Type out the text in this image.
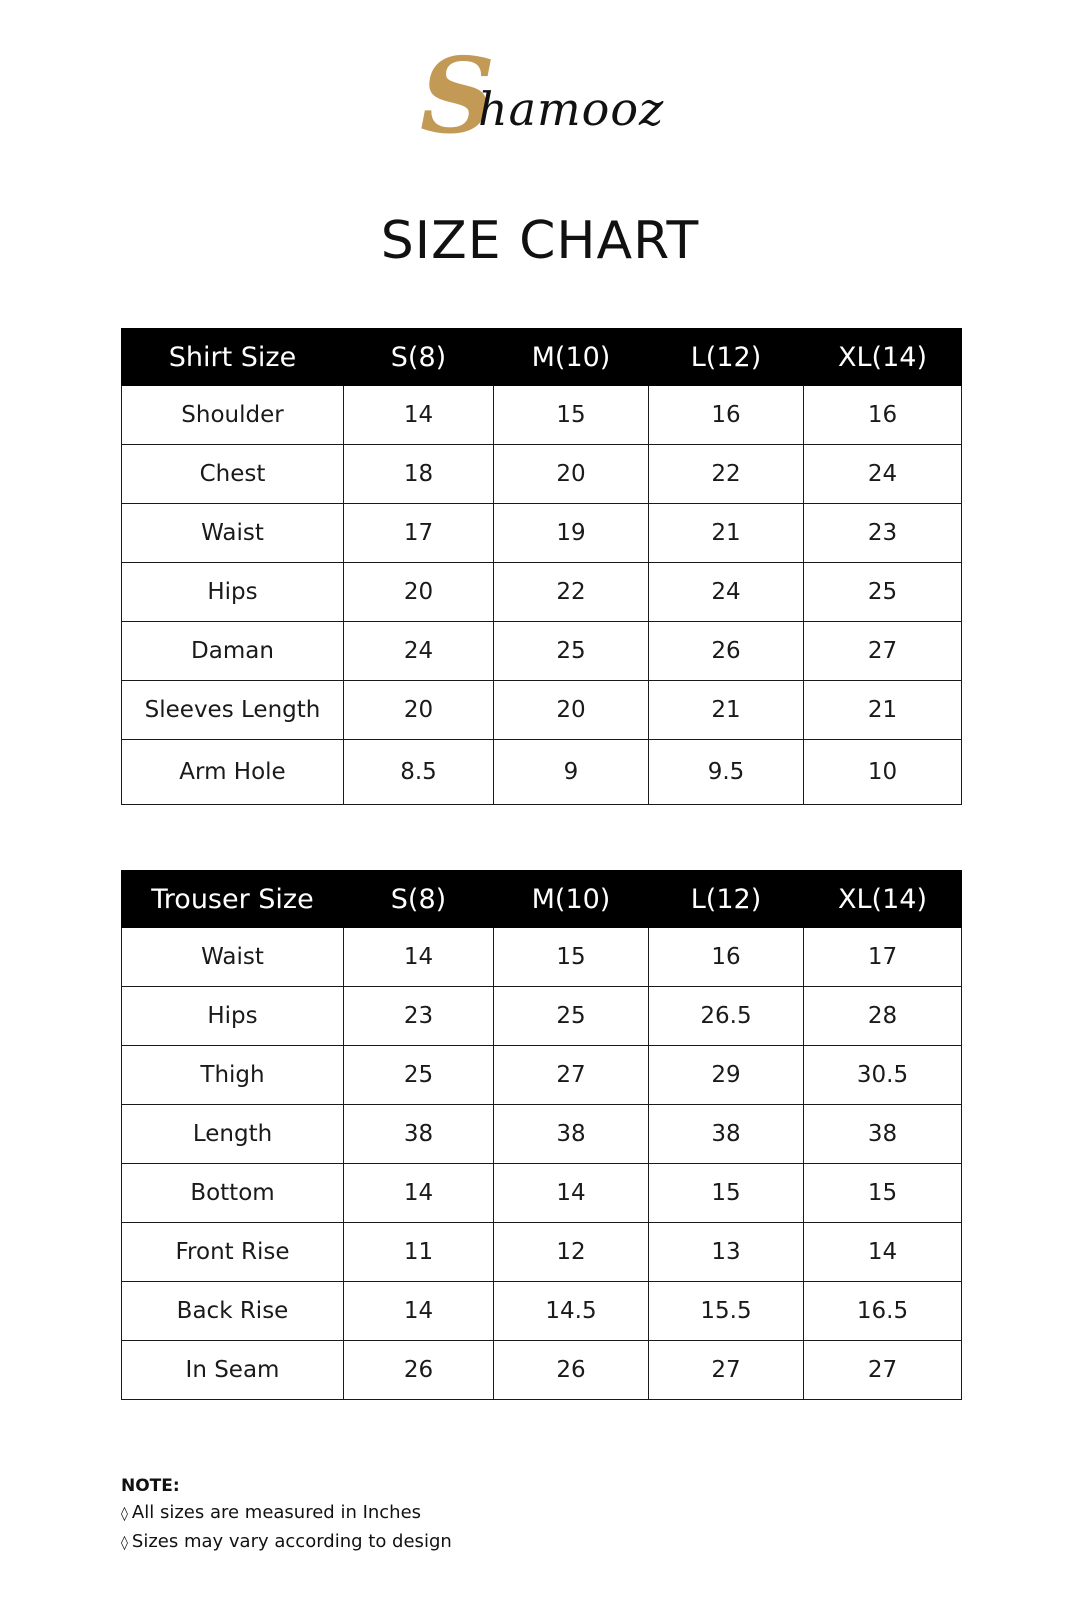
S
hamooz
SIZE CHART
Shirt Size	S(8)	M(10)	L(12)	XL(14)
Shoulder	14	15	16	16
Chest	18	20	22	24
Waist	17	19	21	23
Hips	20	22	24	25
Daman	24	25	26	27
Sleeves Length	20	20	21	21
Arm Hole	8.5	9	9.5	10
Trouser Size	S(8)	M(10)	L(12)	XL(14)
Waist	14	15	16	17
Hips	23	25	26.5	28
Thigh	25	27	29	30.5
Length	38	38	38	38
Bottom	14	14	15	15
Front Rise	11	12	13	14
Back Rise	14	14.5	15.5	16.5
In Seam	26	26	27	27
NOTE:
◊ All sizes are measured in Inches
◊ Sizes may vary according to design
